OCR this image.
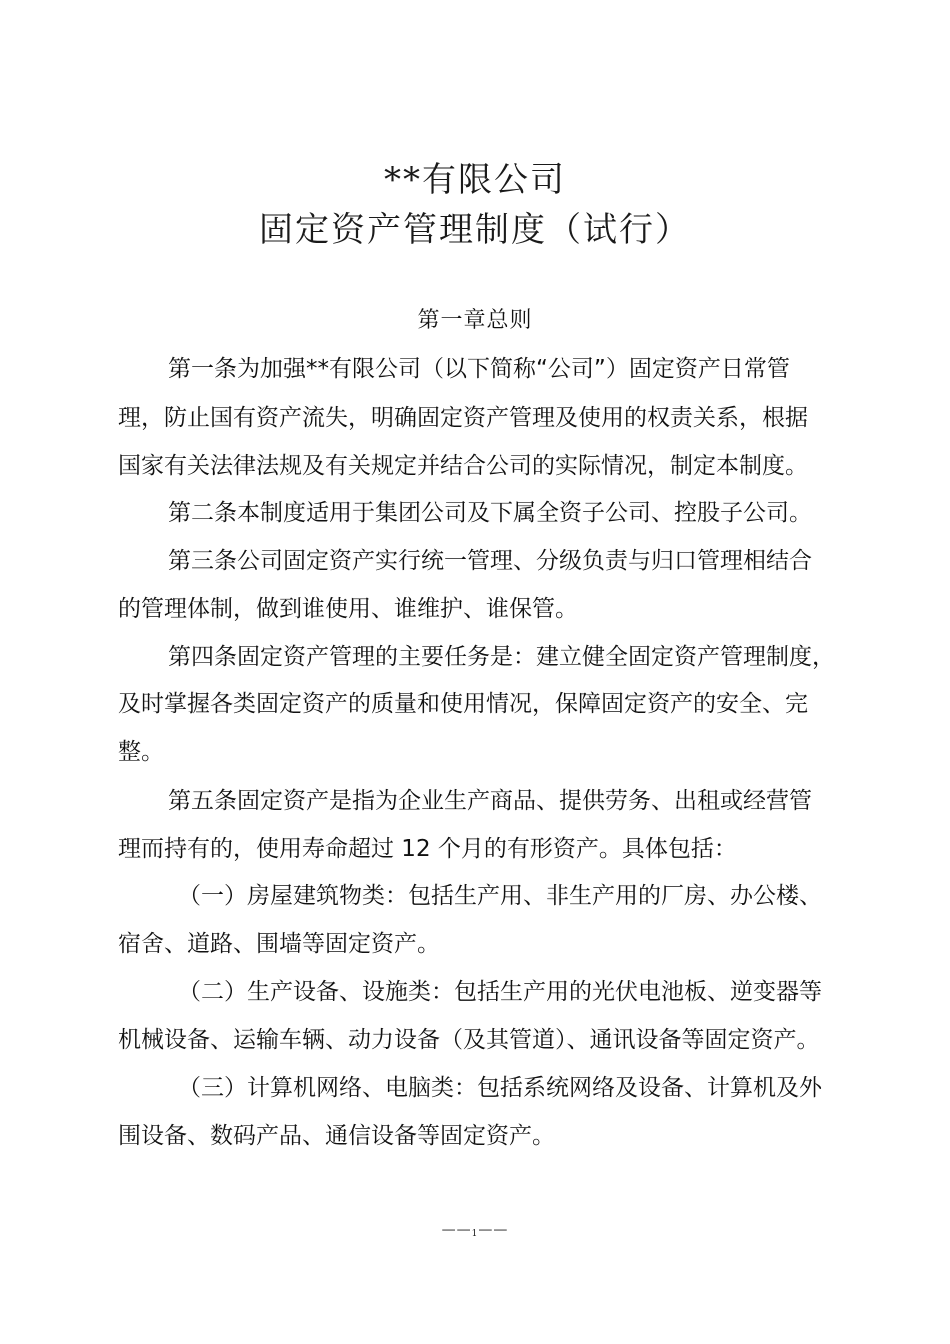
**有限公司
固定资产管理制度（试行）
第一章总则
第一条为加强**有限公司（以下简称“公司”）固定资产日常管
理，防止国有资产流失，明确固定资产管理及使用的权责关系，根据
国家有关法律法规及有关规定并结合公司的实际情况，制定本制度。
第二条本制度适用于集团公司及下属全资子公司、控股子公司。
第三条公司固定资产实行统一管理、分级负责与归口管理相结合
的管理体制，做到谁使用、谁维护、谁保管。
第四条固定资产管理的主要任务是：建立健全固定资产管理制度，
及时掌握各类固定资产的质量和使用情况，保障固定资产的安全、完
整。
第五条固定资产是指为企业生产商品、提供劳务、出租或经营管
理而持有的，使用寿命超过 12 个月的有形资产。具体包括：
（一）房屋建筑物类：包括生产用、非生产用的厂房、办公楼、
宿舍、道路、围墙等固定资产。
（二）生产设备、设施类：包括生产用的光伏电池板、逆变器等
机械设备、运输车辆、动力设备（及其管道）、通讯设备等固定资产。
（三）计算机网络、电脑类：包括系统网络及设备、计算机及外
围设备、数码产品、通信设备等固定资产。
——1——
